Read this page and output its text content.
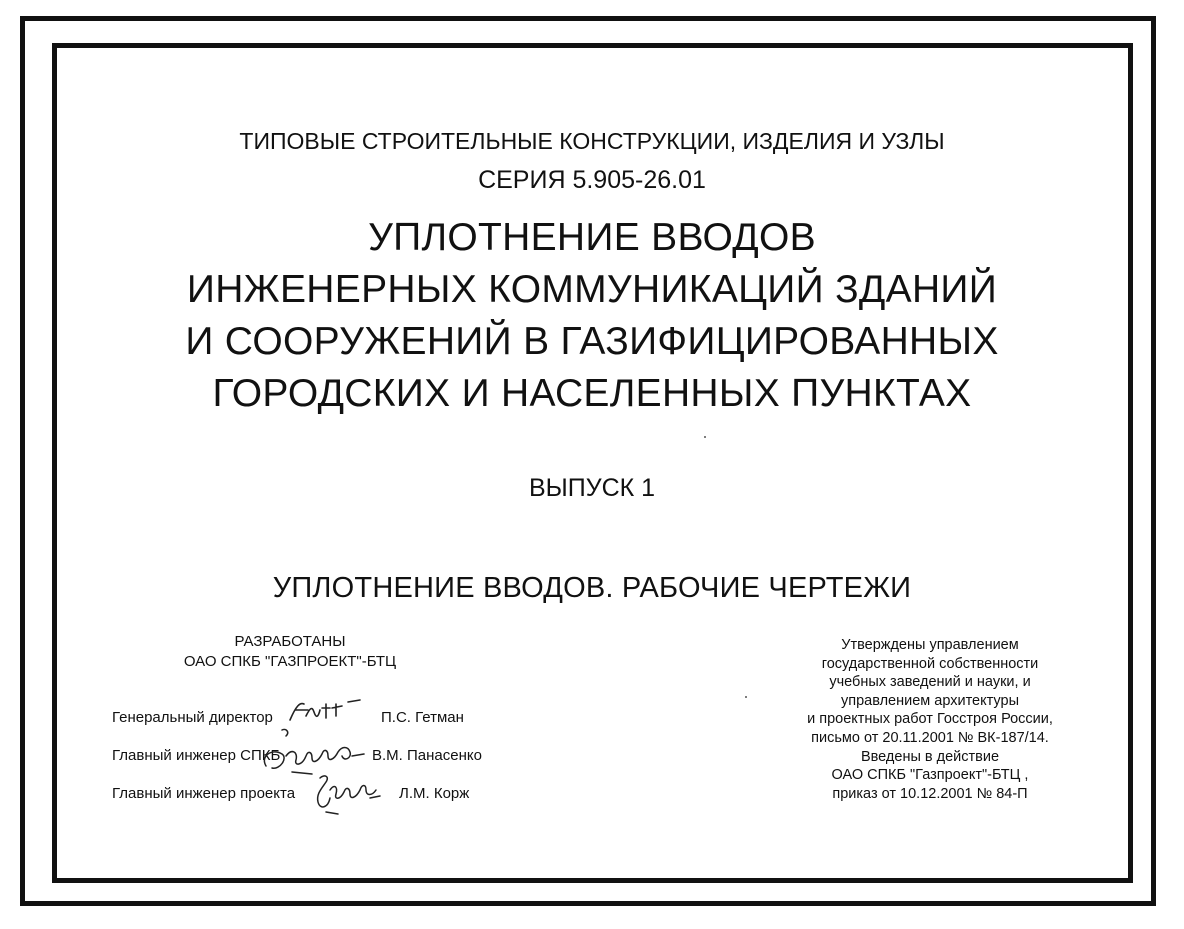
ТИПОВЫЕ СТРОИТЕЛЬНЫЕ КОНСТРУКЦИИ, ИЗДЕЛИЯ И УЗЛЫ
СЕРИЯ 5.905-26.01
УПЛОТНЕНИЕ ВВОДОВ
ИНЖЕНЕРНЫХ КОММУНИКАЦИЙ ЗДАНИЙ
И СООРУЖЕНИЙ В ГАЗИФИЦИРОВАННЫХ
ГОРОДСКИХ И НАСЕЛЕННЫХ ПУНКТАХ
ВЫПУСК 1
УПЛОТНЕНИЕ ВВОДОВ. РАБОЧИЕ ЧЕРТЕЖИ
РАЗРАБОТАНЫ
ОАО СПКБ "ГАЗПРОЕКТ"-БТЦ
Генеральный директор	П.С. Гетман
Главный инженер СПКБ	В.М. Панасенко
Главный инженер проекта	Л.М. Корж
Утверждены управлением
государственной собственности
учебных заведений и науки, и
управлением архитектуры
и проектных работ Госстроя России,
письмо от 20.11.2001 № ВК-187/14.
Введены в действие
ОАО СПКБ "Газпроект"-БТЦ ,
приказ от 10.12.2001 № 84-П
